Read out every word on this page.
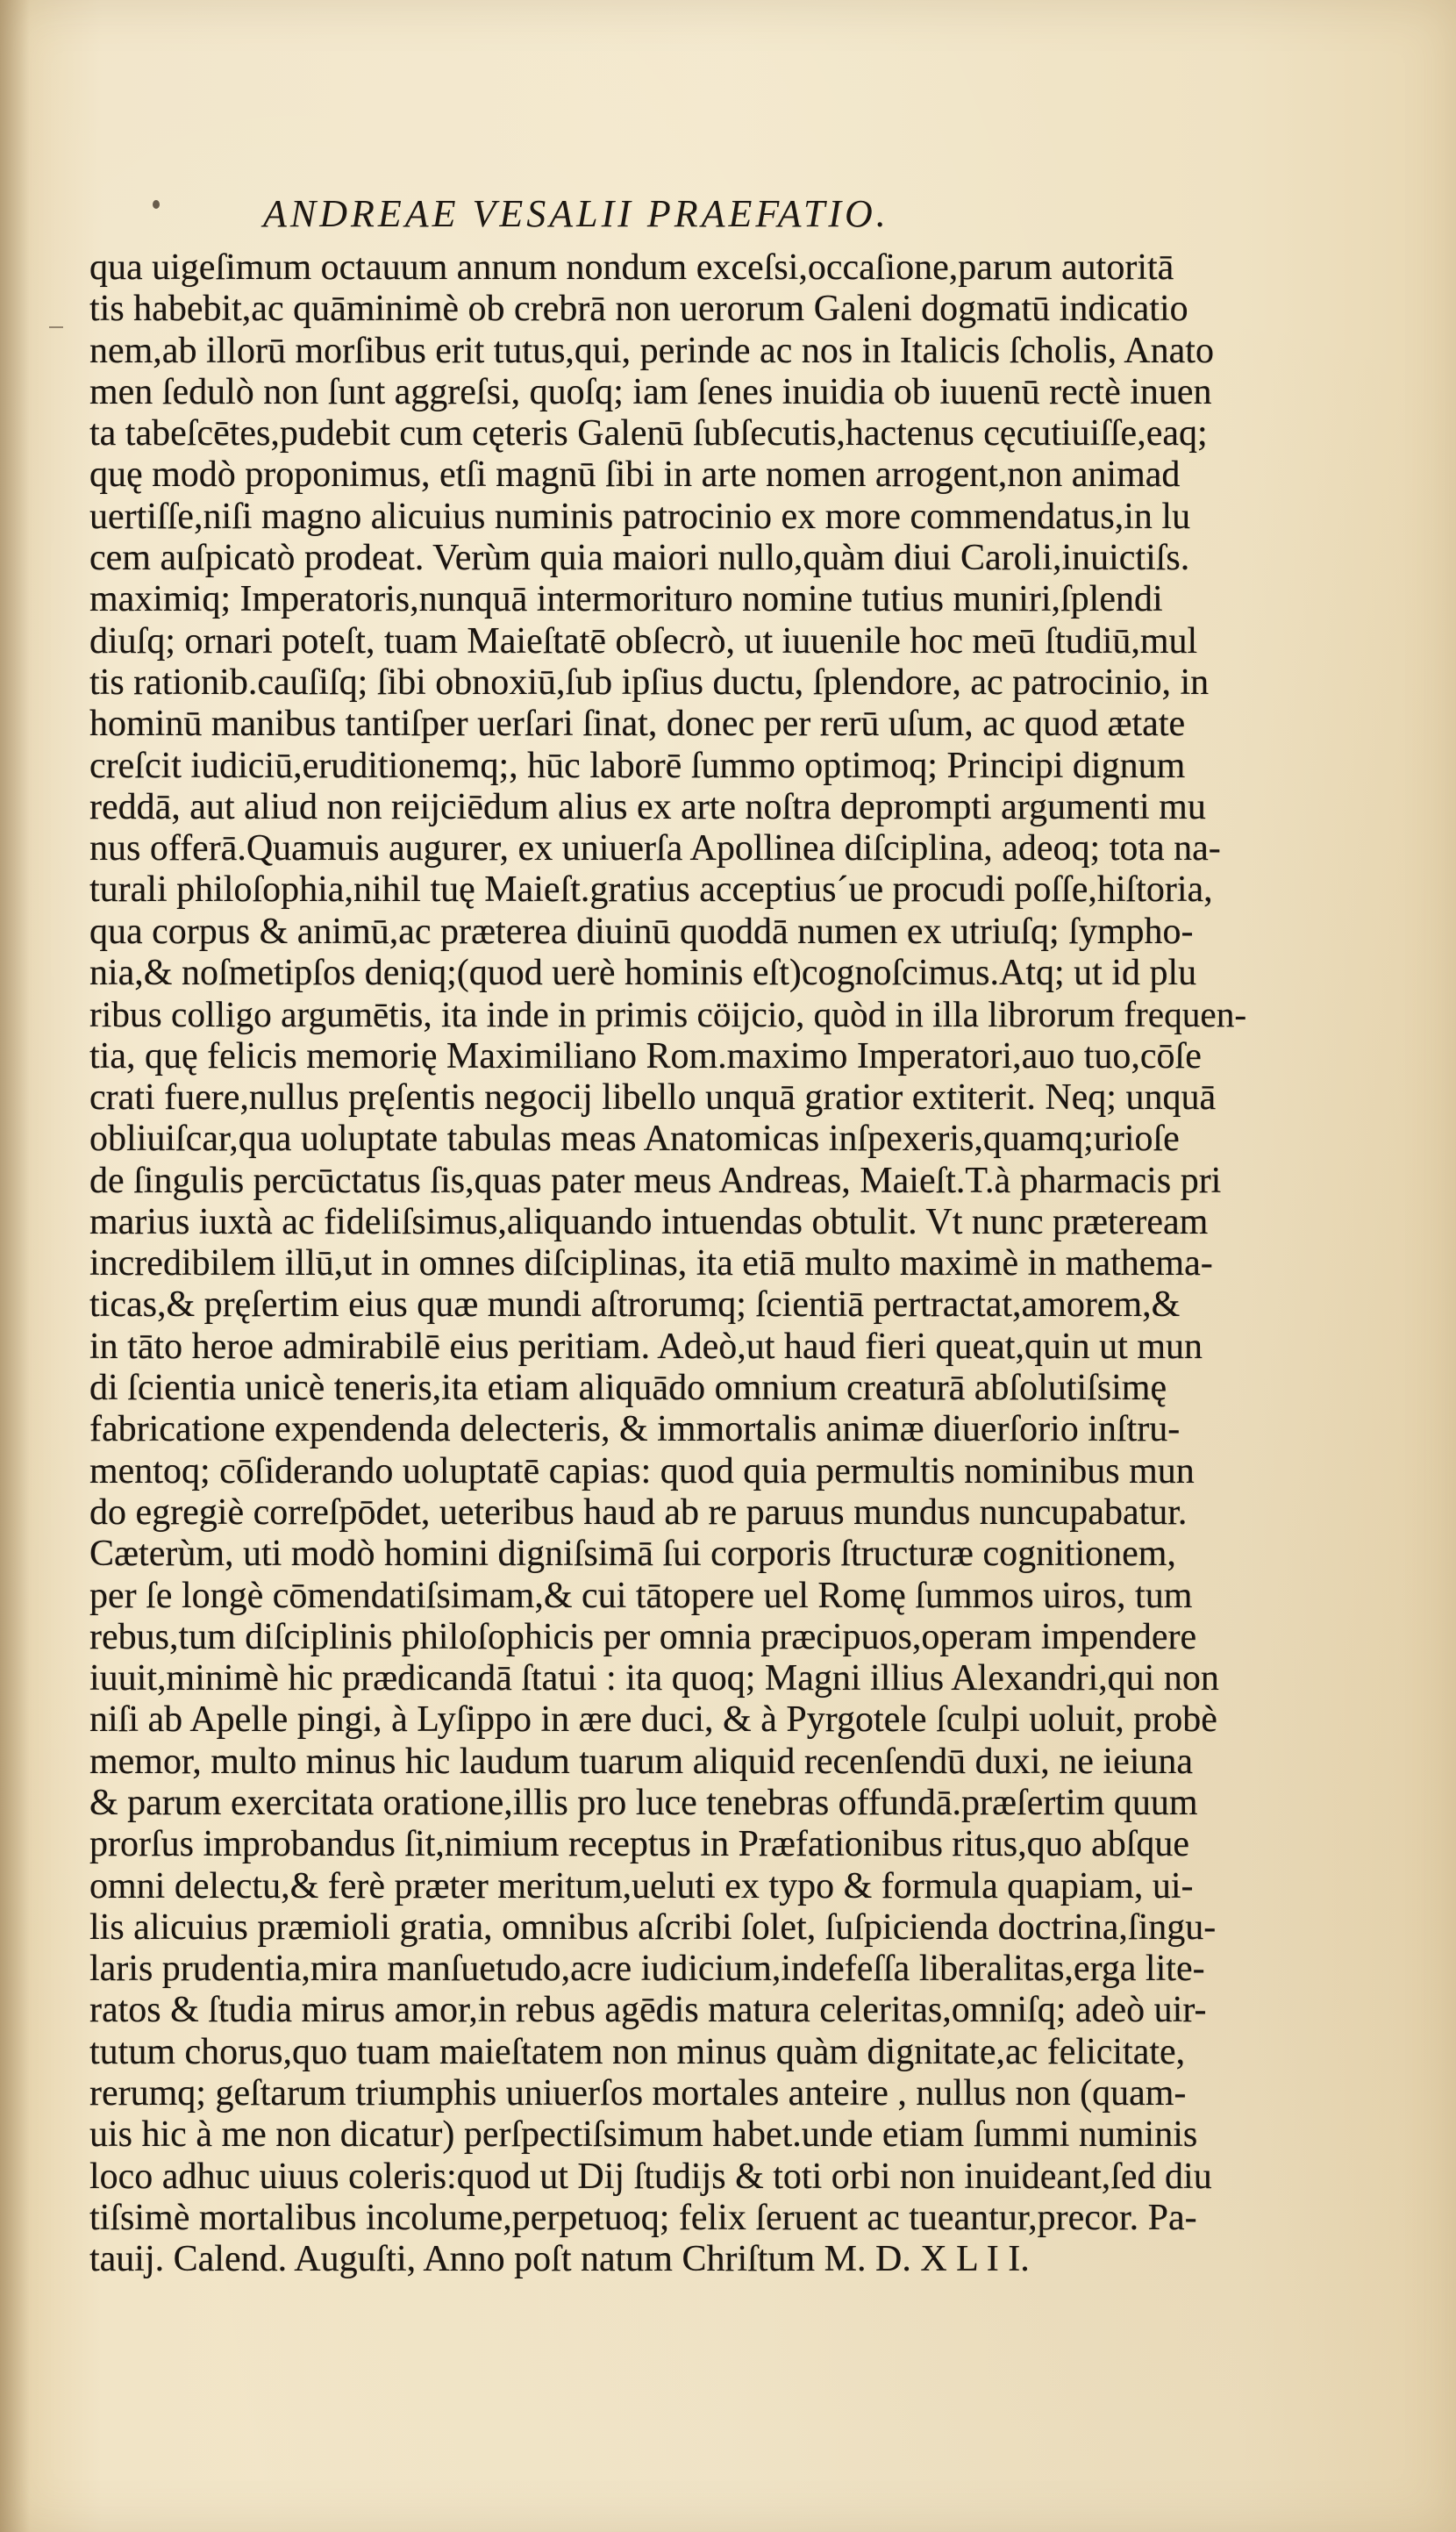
ANDREAE VESALII PRAEFATIO.
qua uigeſimum octauum annum nondum exceſsi,occaſione,parum autoritā
tis habebit,ac quāminimè ob crebrā non uerorum Galeni dogmatū indicatio
nem,ab illorū morſibus erit tutus,qui, perinde ac nos in Italicis ſcholis, Anato
men ſedulò non ſunt aggreſsi, quoſq; iam ſenes inuidia ob iuuenū rectè inuen
ta tabeſcētes,pudebit cum cęteris Galenū ſubſecutis,hactenus cęcutiuiſſe,eaq;
quę modò proponimus, etſi magnū ſibi in arte nomen arrogent,non animad
uertiſſe,niſi magno alicuius numinis patrocinio ex more commendatus,in lu
cem auſpicatò prodeat. Verùm quia maiori nullo,quàm diui Caroli,inuictiſs.
maximiq; Imperatoris,nunquā intermorituro nomine tutius muniri,ſplendi
diuſq; ornari poteſt, tuam Maieſtatē obſecrò, ut iuuenile hoc meū ſtudiū,mul
tis rationib.cauſiſq; ſibi obnoxiū,ſub ipſius ductu, ſplendore, ac patrocinio, in
hominū manibus tantiſper uerſari ſinat, donec per rerū uſum, ac quod ætate
creſcit iudiciū,eruditionemq;, hūc laborē ſummo optimoq; Principi dignum
reddā, aut aliud non reijciēdum alius ex arte noſtra deprompti argumenti mu
nus offerā.Quamuis augurer, ex uniuerſa Apollinea diſciplina, adeoq; tota na-
turali philoſophia,nihil tuę Maieſt.gratius acceptius´ue procudi poſſe,hiſtoria,
qua corpus & animū,ac præterea diuinū quoddā numen ex utriuſq; ſympho-
nia,& noſmetipſos deniq;(quod uerè hominis eſt)cognoſcimus.Atq; ut id plu
ribus colligo argumētis, ita inde in primis cöijcio, quòd in illa librorum frequen-
tia, quę felicis memorię Maximiliano Rom.maximo Imperatori,auo tuo,cōſe
crati fuere,nullus pręſentis negocij libello unquā gratior extiterit. Neq; unquā
obliuiſcar,qua uoluptate tabulas meas Anatomicas inſpexeris,quamq;urioſe
de ſingulis percūctatus ſis,quas pater meus Andreas, Maieſt.T.à pharmacis pri
marius iuxtà ac fideliſsimus,aliquando intuendas obtulit. Vt nunc præteream
incredibilem illū,ut in omnes diſciplinas, ita etiā multo maximè in mathema-
ticas,& pręſertim eius quæ mundi aſtrorumq; ſcientiā pertractat,amorem,&
in tāto heroe admirabilē eius peritiam. Adeò,ut haud fieri queat,quin ut mun
di ſcientia unicè teneris,ita etiam aliquādo omnium creaturā abſolutiſsimę
fabricatione expendenda delecteris, & immortalis animæ diuerſorio inſtru-
mentoq; cōſiderando uoluptatē capias: quod quia permultis nominibus mun
do egregiè correſpōdet, ueteribus haud ab re paruus mundus nuncupabatur.
Cæterùm, uti modò homini digniſsimā ſui corporis ſtructuræ cognitionem,
per ſe longè cōmendatiſsimam,& cui tātopere uel Romę ſummos uiros, tum
rebus,tum diſciplinis philoſophicis per omnia præcipuos,operam impendere
iuuit,minimè hic prædicandā ſtatui : ita quoq; Magni illius Alexandri,qui non
niſi ab Apelle pingi, à Lyſippo in ære duci, & à Pyrgotele ſculpi uoluit, probè
memor, multo minus hic laudum tuarum aliquid recenſendū duxi, ne ieiuna
& parum exercitata oratione,illis pro luce tenebras offundā.præſertim quum
prorſus improbandus ſit,nimium receptus in Præfationibus ritus,quo abſque
omni delectu,& ferè præter meritum,ueluti ex typo & formula quapiam, ui-
lis alicuius præmioli gratia, omnibus aſcribi ſolet, ſuſpicienda doctrina,ſingu-
laris prudentia,mira manſuetudo,acre iudicium,indefeſſa liberalitas,erga lite-
ratos & ſtudia mirus amor,in rebus agēdis matura celeritas,omniſq; adeò uir-
tutum chorus,quo tuam maieſtatem non minus quàm dignitate,ac felicitate,
rerumq; geſtarum triumphis uniuerſos mortales anteire , nullus non (quam-
uis hic à me non dicatur) perſpectiſsimum habet.unde etiam ſummi numinis
loco adhuc uiuus coleris:quod ut Dij ſtudijs & toti orbi non inuideant,ſed diu
tiſsimè mortalibus incolume,perpetuoq; felix ſeruent ac tueantur,precor. Pa-
tauij. Calend. Auguſti, Anno poſt natum Chriſtum M. D. X L I I.
